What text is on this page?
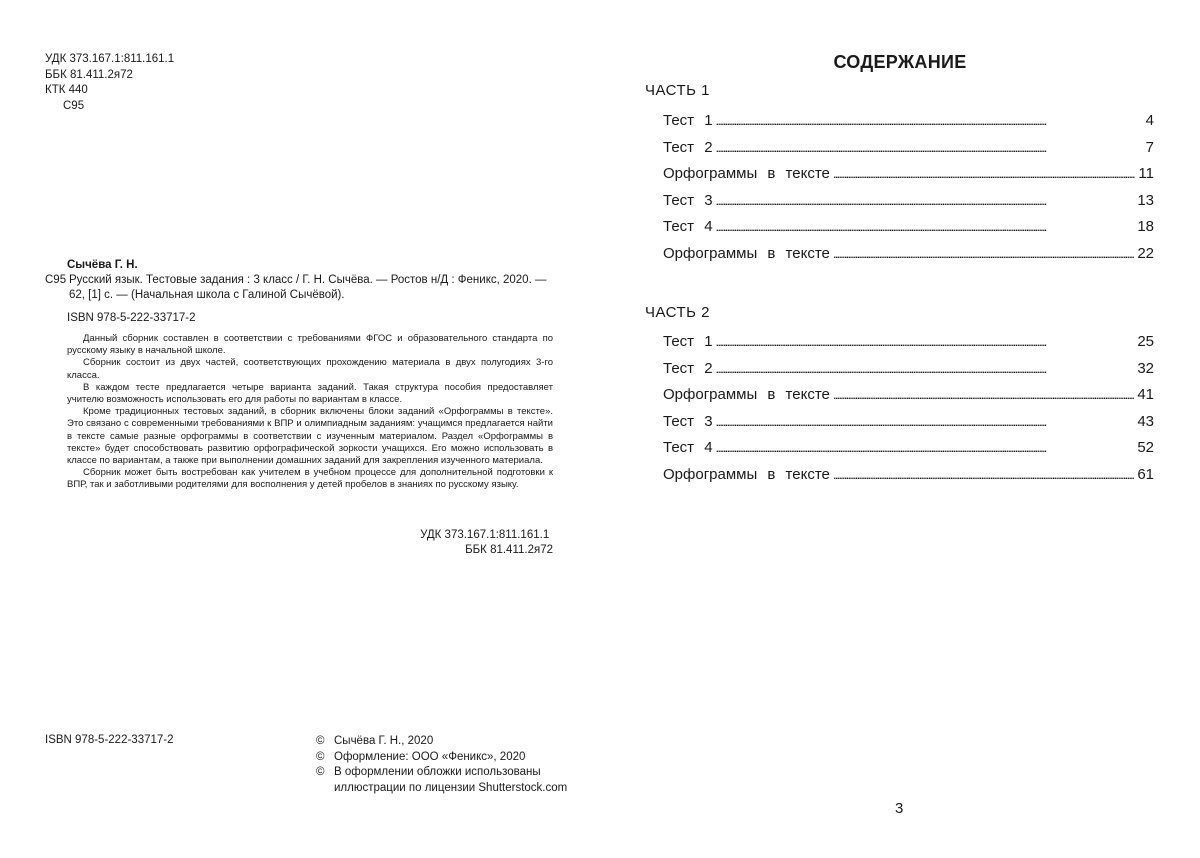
УДК 373.167.1:811.161.1
ББК 81.411.2я72
КТК 440
С95
Сычёва Г. Н.
С95 Русский язык. Тестовые задания : 3 класс / Г. Н. Сычёва. — Ростов н/Д : Феникс, 2020. —
62, [1] с. — (Начальная школа с Галиной Сычёвой).
ISBN 978-5-222-33717-2

Данный сборник составлен в соответствии с требованиями ФГОС и образовательного стандарта по русскому языку в начальной школе.

Сборник состоит из двух частей, соответствующих прохождению материала в двух полугодиях 3-го класса.

В каждом тесте предлагается четыре варианта заданий. Такая структура пособия предоставляет учителю возможность использовать его для работы по вариантам в классе.

Кроме традиционных тестовых заданий, в сборник включены блоки заданий «Орфограммы в тексте». Это связано с современными требованиями к ВПР и олимпиадным заданиям: учащимся предлагается найти в тексте самые разные орфограммы в соответствии с изученным материалом. Раздел «Орфограммы в тексте» будет способствовать развитию орфографической зоркости учащихся. Его можно использовать в классе по вариантам, а также при выполнении домашних заданий для закрепления изученного материала.

Сборник может быть востребован как учителем в учебном процессе для дополнительной подготовки к ВПР, так и заботливыми родителями для восполнения у детей пробелов в знаниях по русскому языку.

УДК 373.167.1:811.161.1
ББК 81.411.2я72
ISBN 978-5-222-33717-2	© Сычёва Г. Н., 2020
© Оформление: ООО «Феникс», 2020
© В оформлении обложки использованы
иллюстрации по лицензии Shutterstock.com
СОДЕРЖАНИЕ
ЧАСТЬ 1
Тест 1 . . .	4
Тест 2 . . .	7
Орфограммы в тексте . . .	11
Тест 3 . . .	13
Тест 4 . . .	18
Орфограммы в тексте . . .	22
ЧАСТЬ 2
Тест 1 . . .	25
Тест 2 . . .	32
Орфограммы в тексте . . .	41
Тест 3 . . .	43
Тест 4 . . .	52
Орфограммы в тексте . . .	61
3
